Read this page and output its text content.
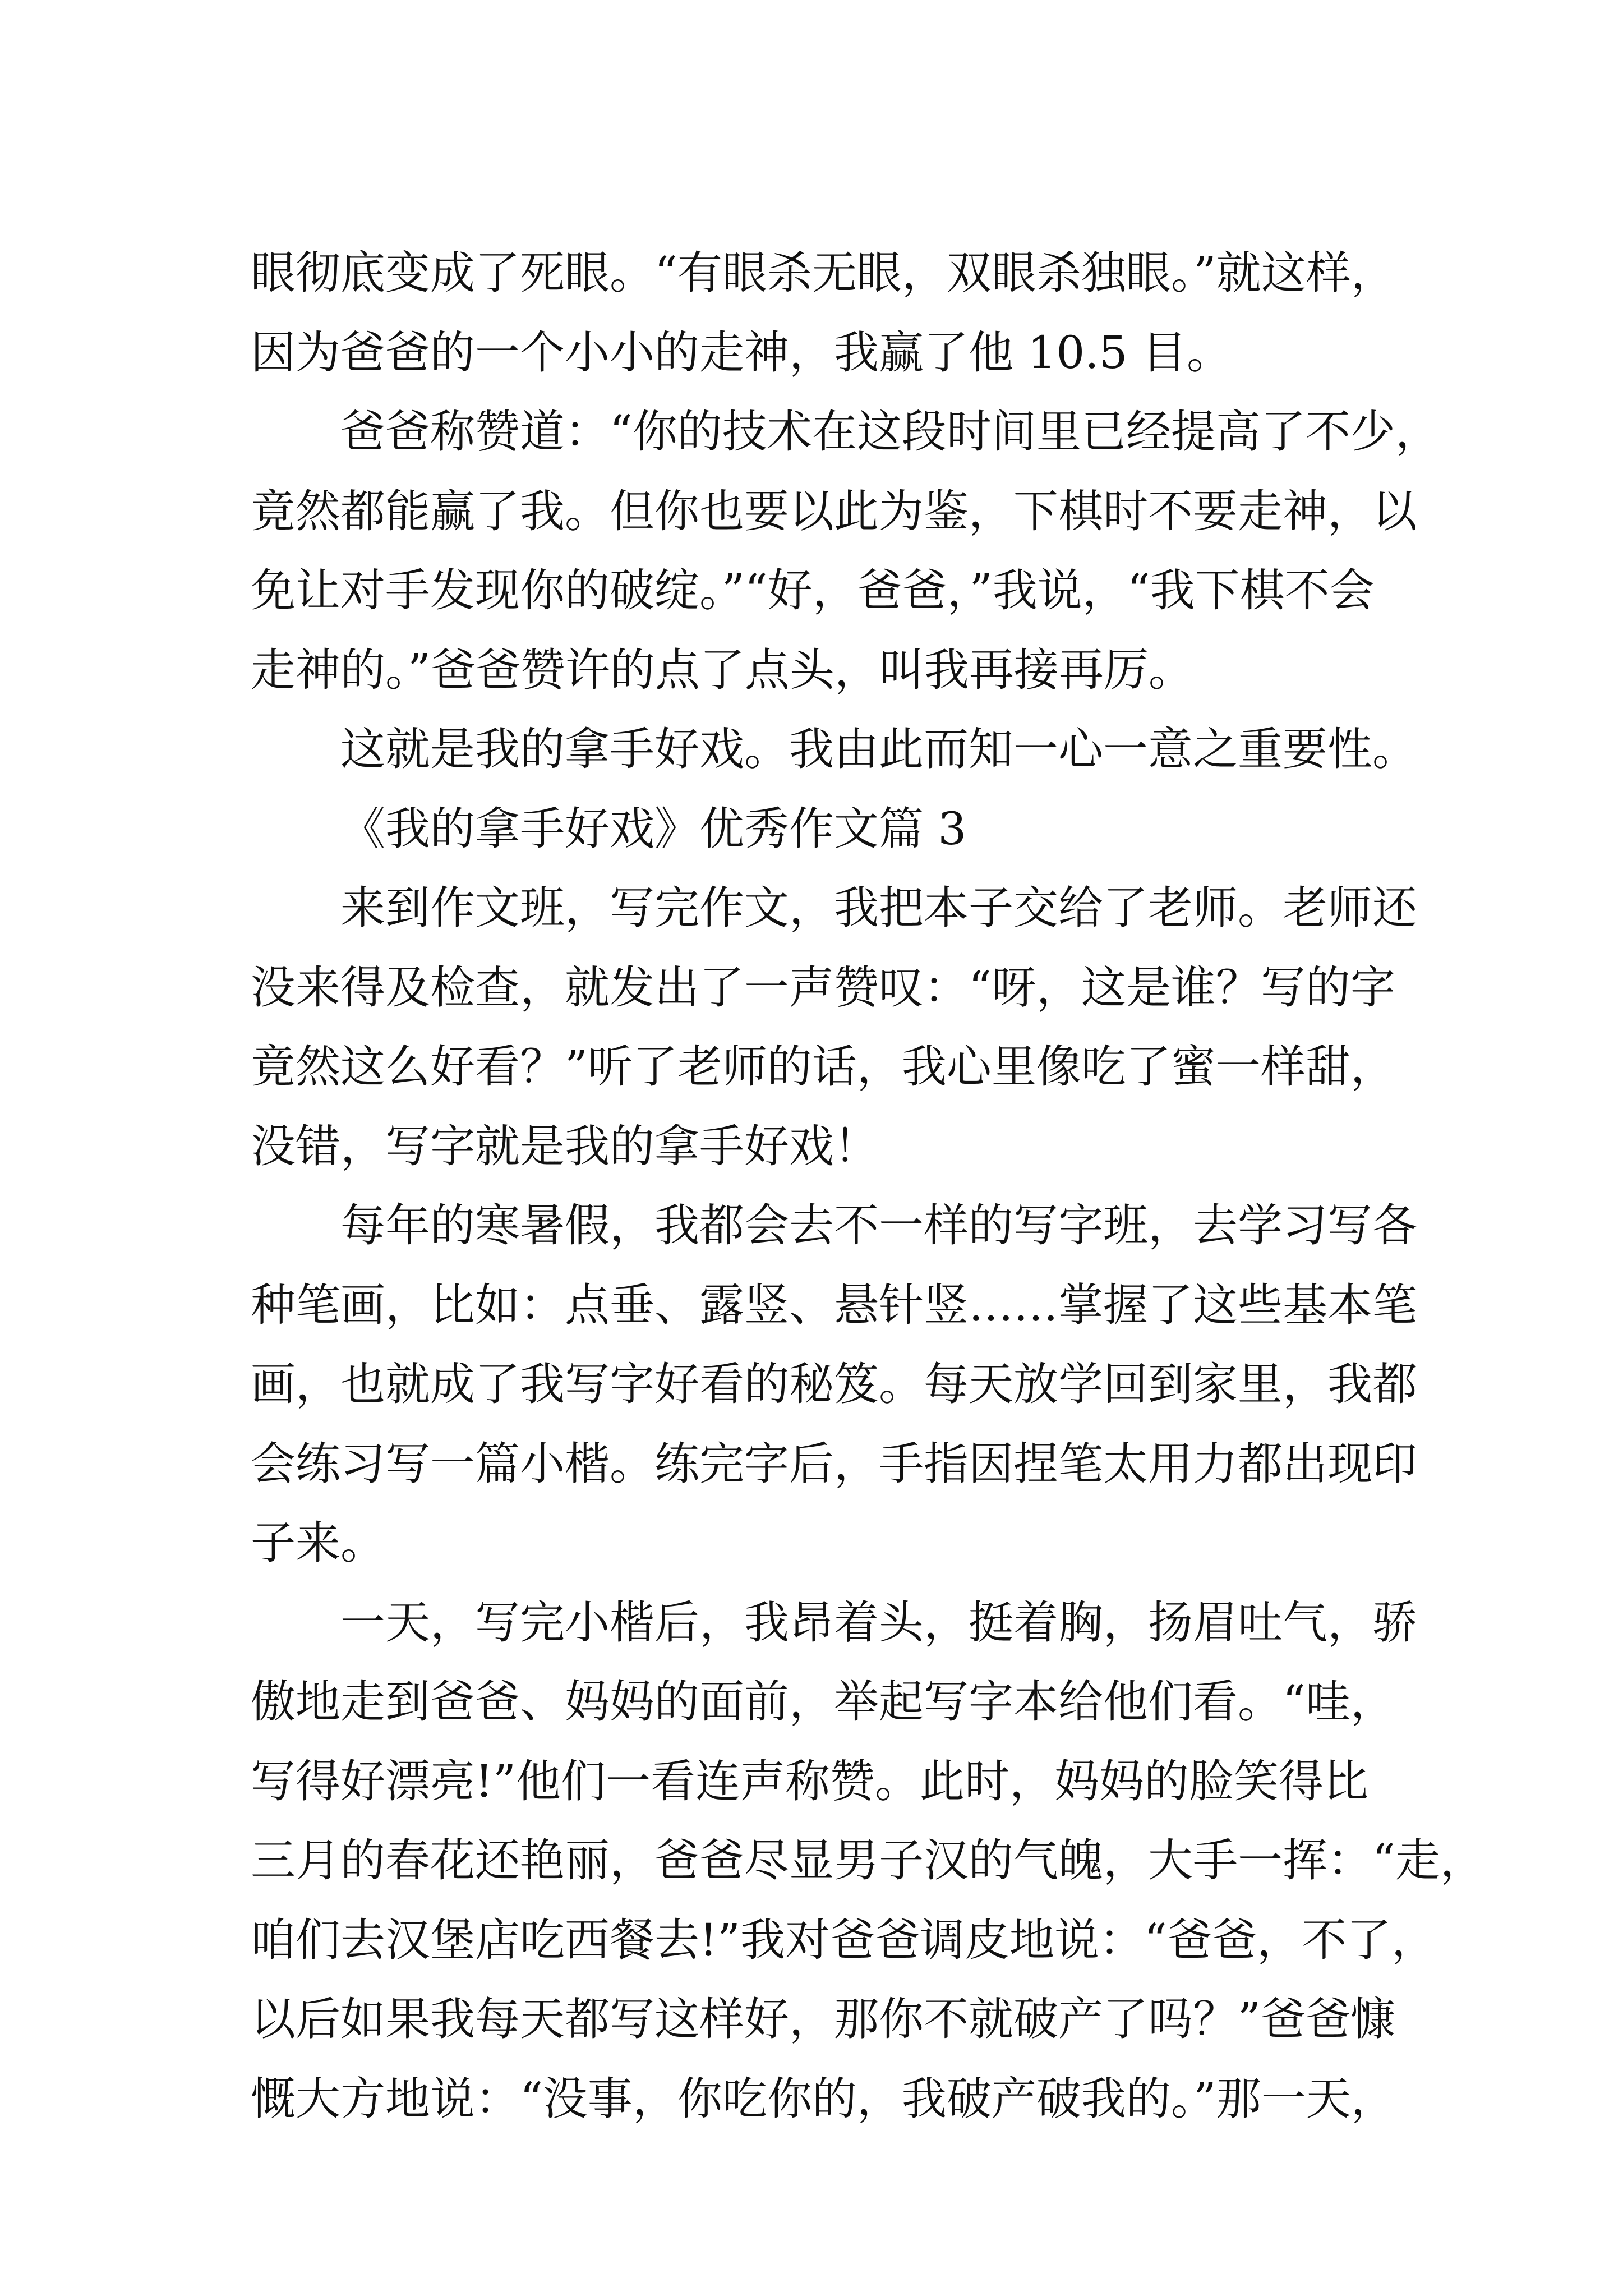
眼彻底变成了死眼。“有眼杀无眼，双眼杀独眼。”就这样，
因为爸爸的一个小小的走神，我赢了他 10.5 目。
爸爸称赞道：“你的技术在这段时间里已经提高了不少，
竟然都能赢了我。但你也要以此为鉴，下棋时不要走神，以
免让对手发现你的破绽。”“好，爸爸，”我说，“我下棋不会
走神的。”爸爸赞许的点了点头，叫我再接再厉。
这就是我的拿手好戏。我由此而知一心一意之重要性。
《我的拿手好戏》优秀作文篇 3
来到作文班，写完作文，我把本子交给了老师。老师还
没来得及检查，就发出了一声赞叹：“呀，这是谁？写的字
竟然这么好看？”听了老师的话，我心里像吃了蜜一样甜，
没错，写字就是我的拿手好戏！
每年的寒暑假，我都会去不一样的写字班，去学习写各
种笔画，比如：点垂、露竖、悬针竖……掌握了这些基本笔
画，也就成了我写字好看的秘笈。每天放学回到家里，我都
会练习写一篇小楷。练完字后，手指因捏笔太用力都出现印
子来。
一天，写完小楷后，我昂着头，挺着胸，扬眉吐气，骄
傲地走到爸爸、妈妈的面前，举起写字本给他们看。“哇，
写得好漂亮!”他们一看连声称赞。此时，妈妈的脸笑得比
三月的春花还艳丽，爸爸尽显男子汉的气魄，大手一挥：“走，
咱们去汉堡店吃西餐去!”我对爸爸调皮地说：“爸爸，不了，
以后如果我每天都写这样好，那你不就破产了吗？”爸爸慷
慨大方地说：“没事，你吃你的，我破产破我的。”那一天，
